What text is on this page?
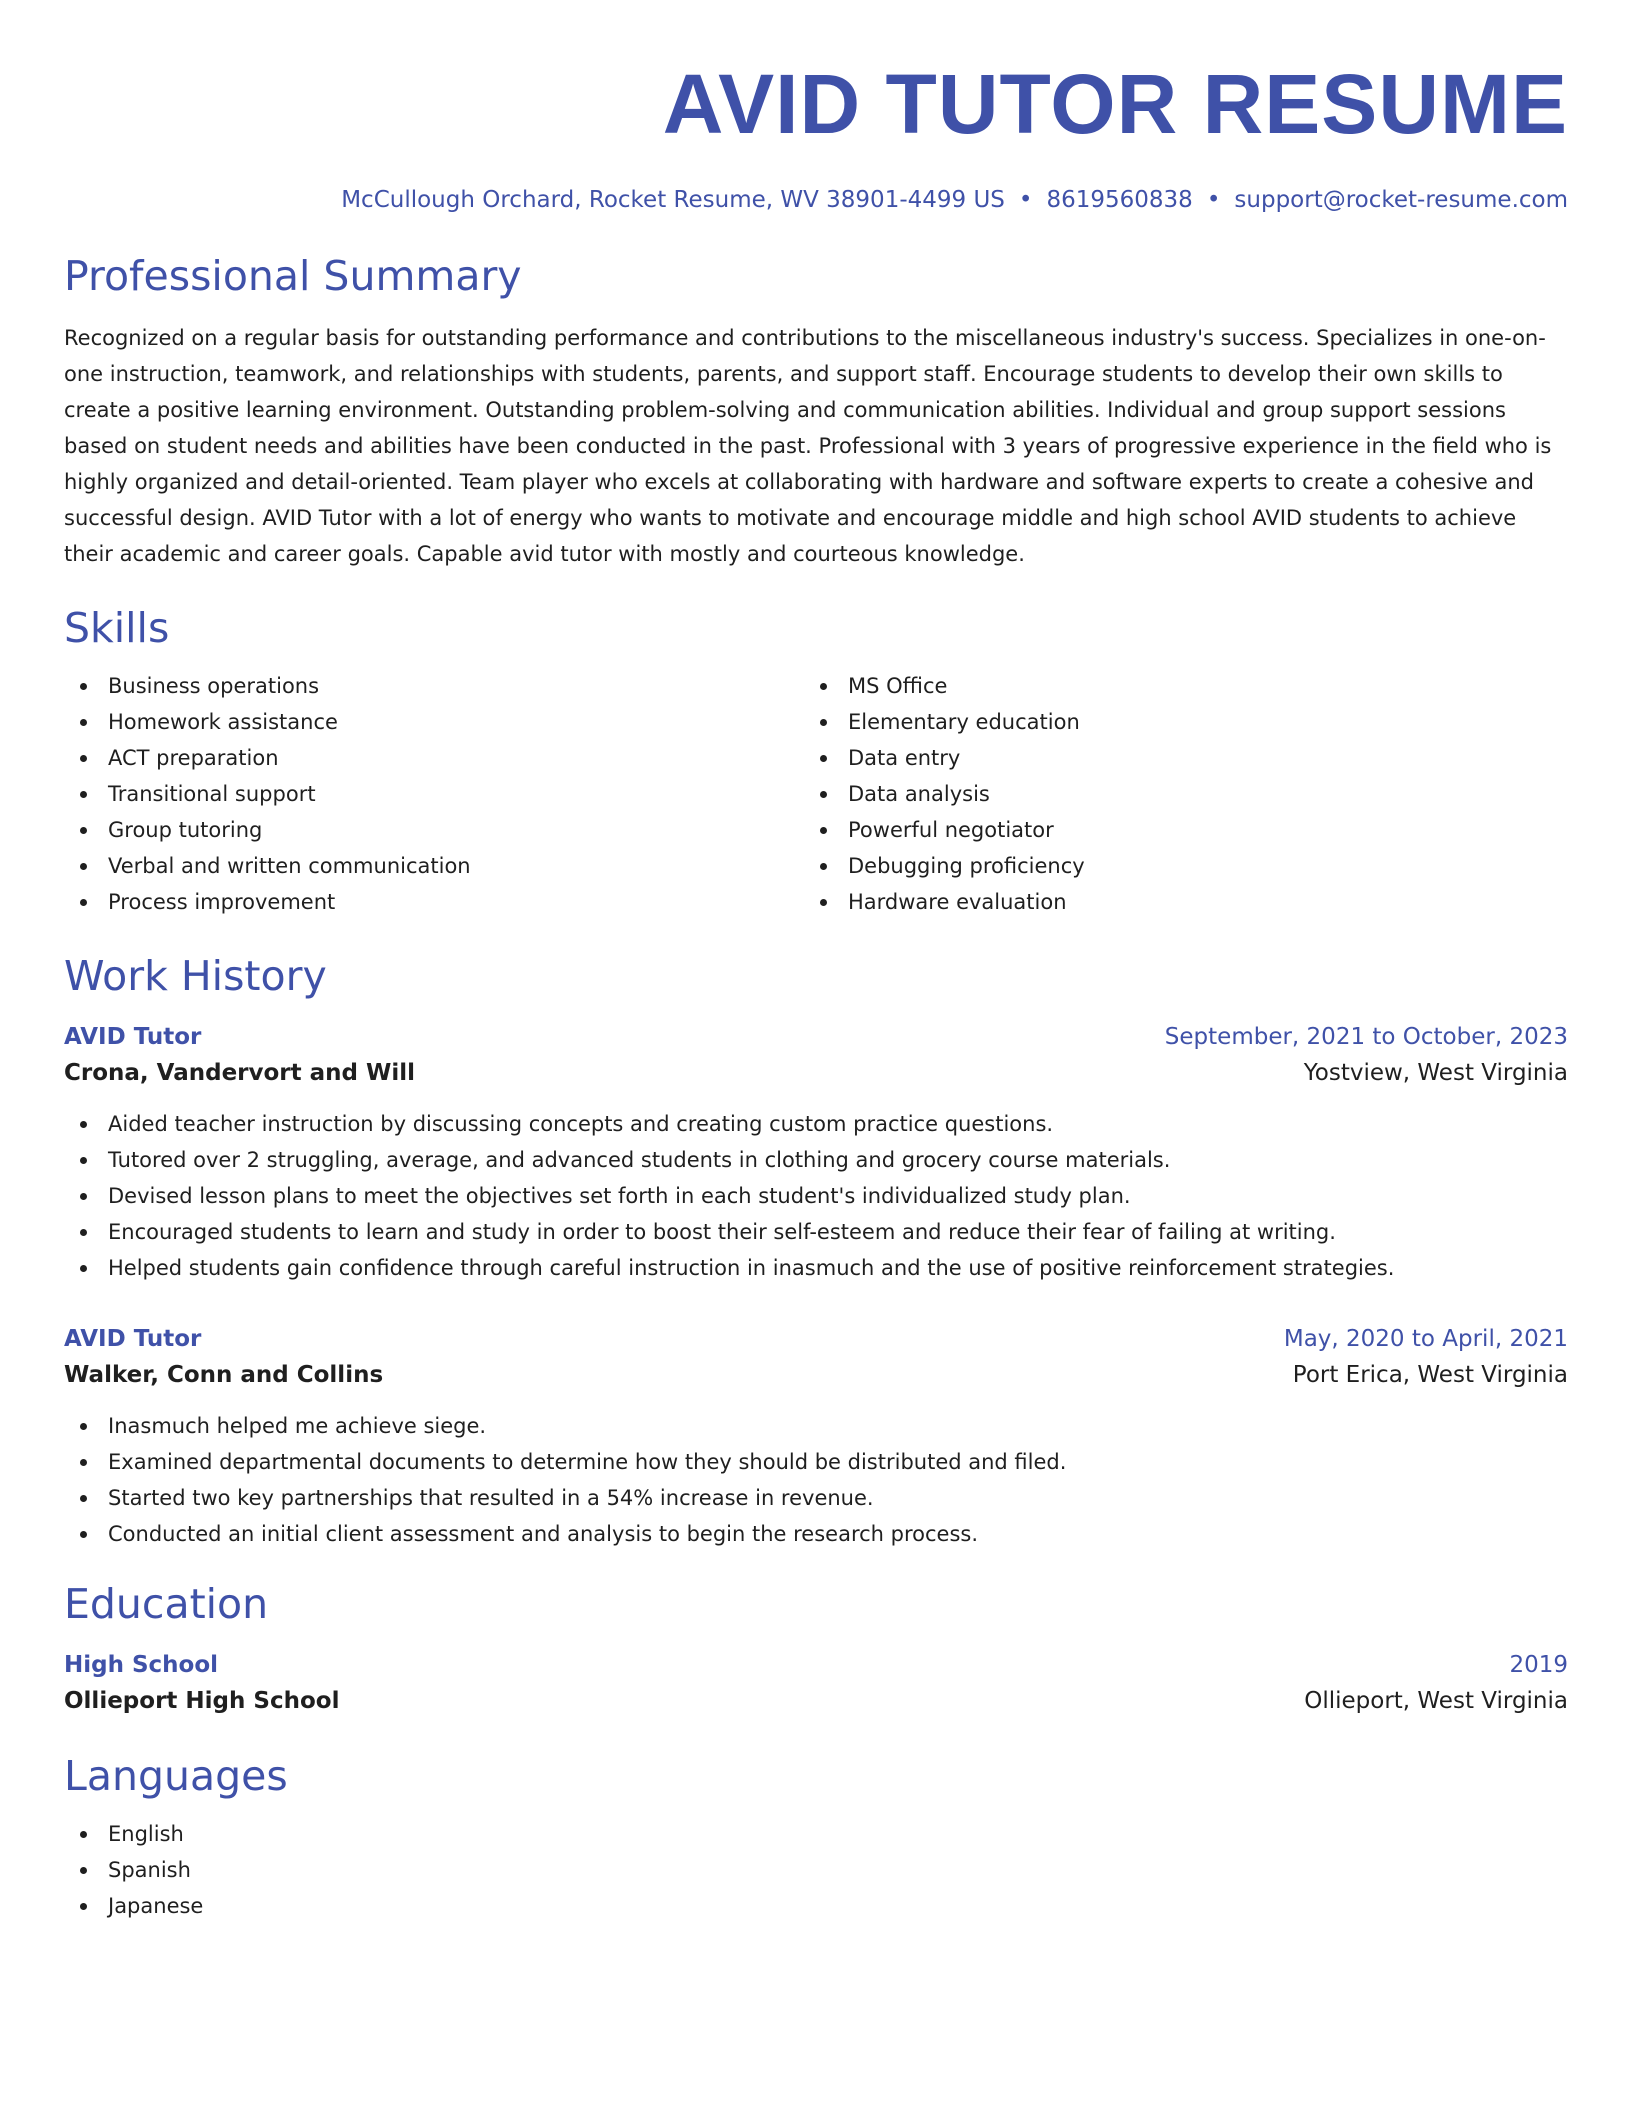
AVID TUTOR RESUME
McCullough Orchard, Rocket Resume, WV 38901-4499 US • 8619560838 • support@rocket-resume.com
Professional Summary

Recognized on a regular basis for outstanding performance and contributions to the miscellaneous industry's success. Specializes in one-on-one instruction, teamwork, and relationships with students, parents, and support staff. Encourage students to develop their own skills to create a positive learning environment. Outstanding problem-solving and communication abilities. Individual and group support sessions based on student needs and abilities have been conducted in the past. Professional with 3 years of progressive experience in the field who is highly organized and detail-oriented. Team player who excels at collaborating with hardware and software experts to create a cohesive and successful design. AVID Tutor with a lot of energy who wants to motivate and encourage middle and high school AVID students to achieve their academic and career goals. Capable avid tutor with mostly and courteous knowledge.

Skills
Business operations
Homework assistance
ACT preparation
Transitional support
Group tutoring
Verbal and written communication
Process improvement
MS Office
Elementary education
Data entry
Data analysis
Powerful negotiator
Debugging proficiency
Hardware evaluation
Work History
AVID Tutor	September, 2021 to October, 2023
Crona, Vandervort and Will	Yostview, West Virginia
Aided teacher instruction by discussing concepts and creating custom practice questions.
Tutored over 2 struggling, average, and advanced students in clothing and grocery course materials.
Devised lesson plans to meet the objectives set forth in each student's individualized study plan.
Encouraged students to learn and study in order to boost their self-esteem and reduce their fear of failing at writing.
Helped students gain confidence through careful instruction in inasmuch and the use of positive reinforcement strategies.
AVID Tutor	May, 2020 to April, 2021
Walker, Conn and Collins	Port Erica, West Virginia
Inasmuch helped me achieve siege.
Examined departmental documents to determine how they should be distributed and filed.
Started two key partnerships that resulted in a 54% increase in revenue.
Conducted an initial client assessment and analysis to begin the research process.
Education
High School	2019
Ollieport High School	Ollieport, West Virginia
Languages
English
Spanish
Japanese
